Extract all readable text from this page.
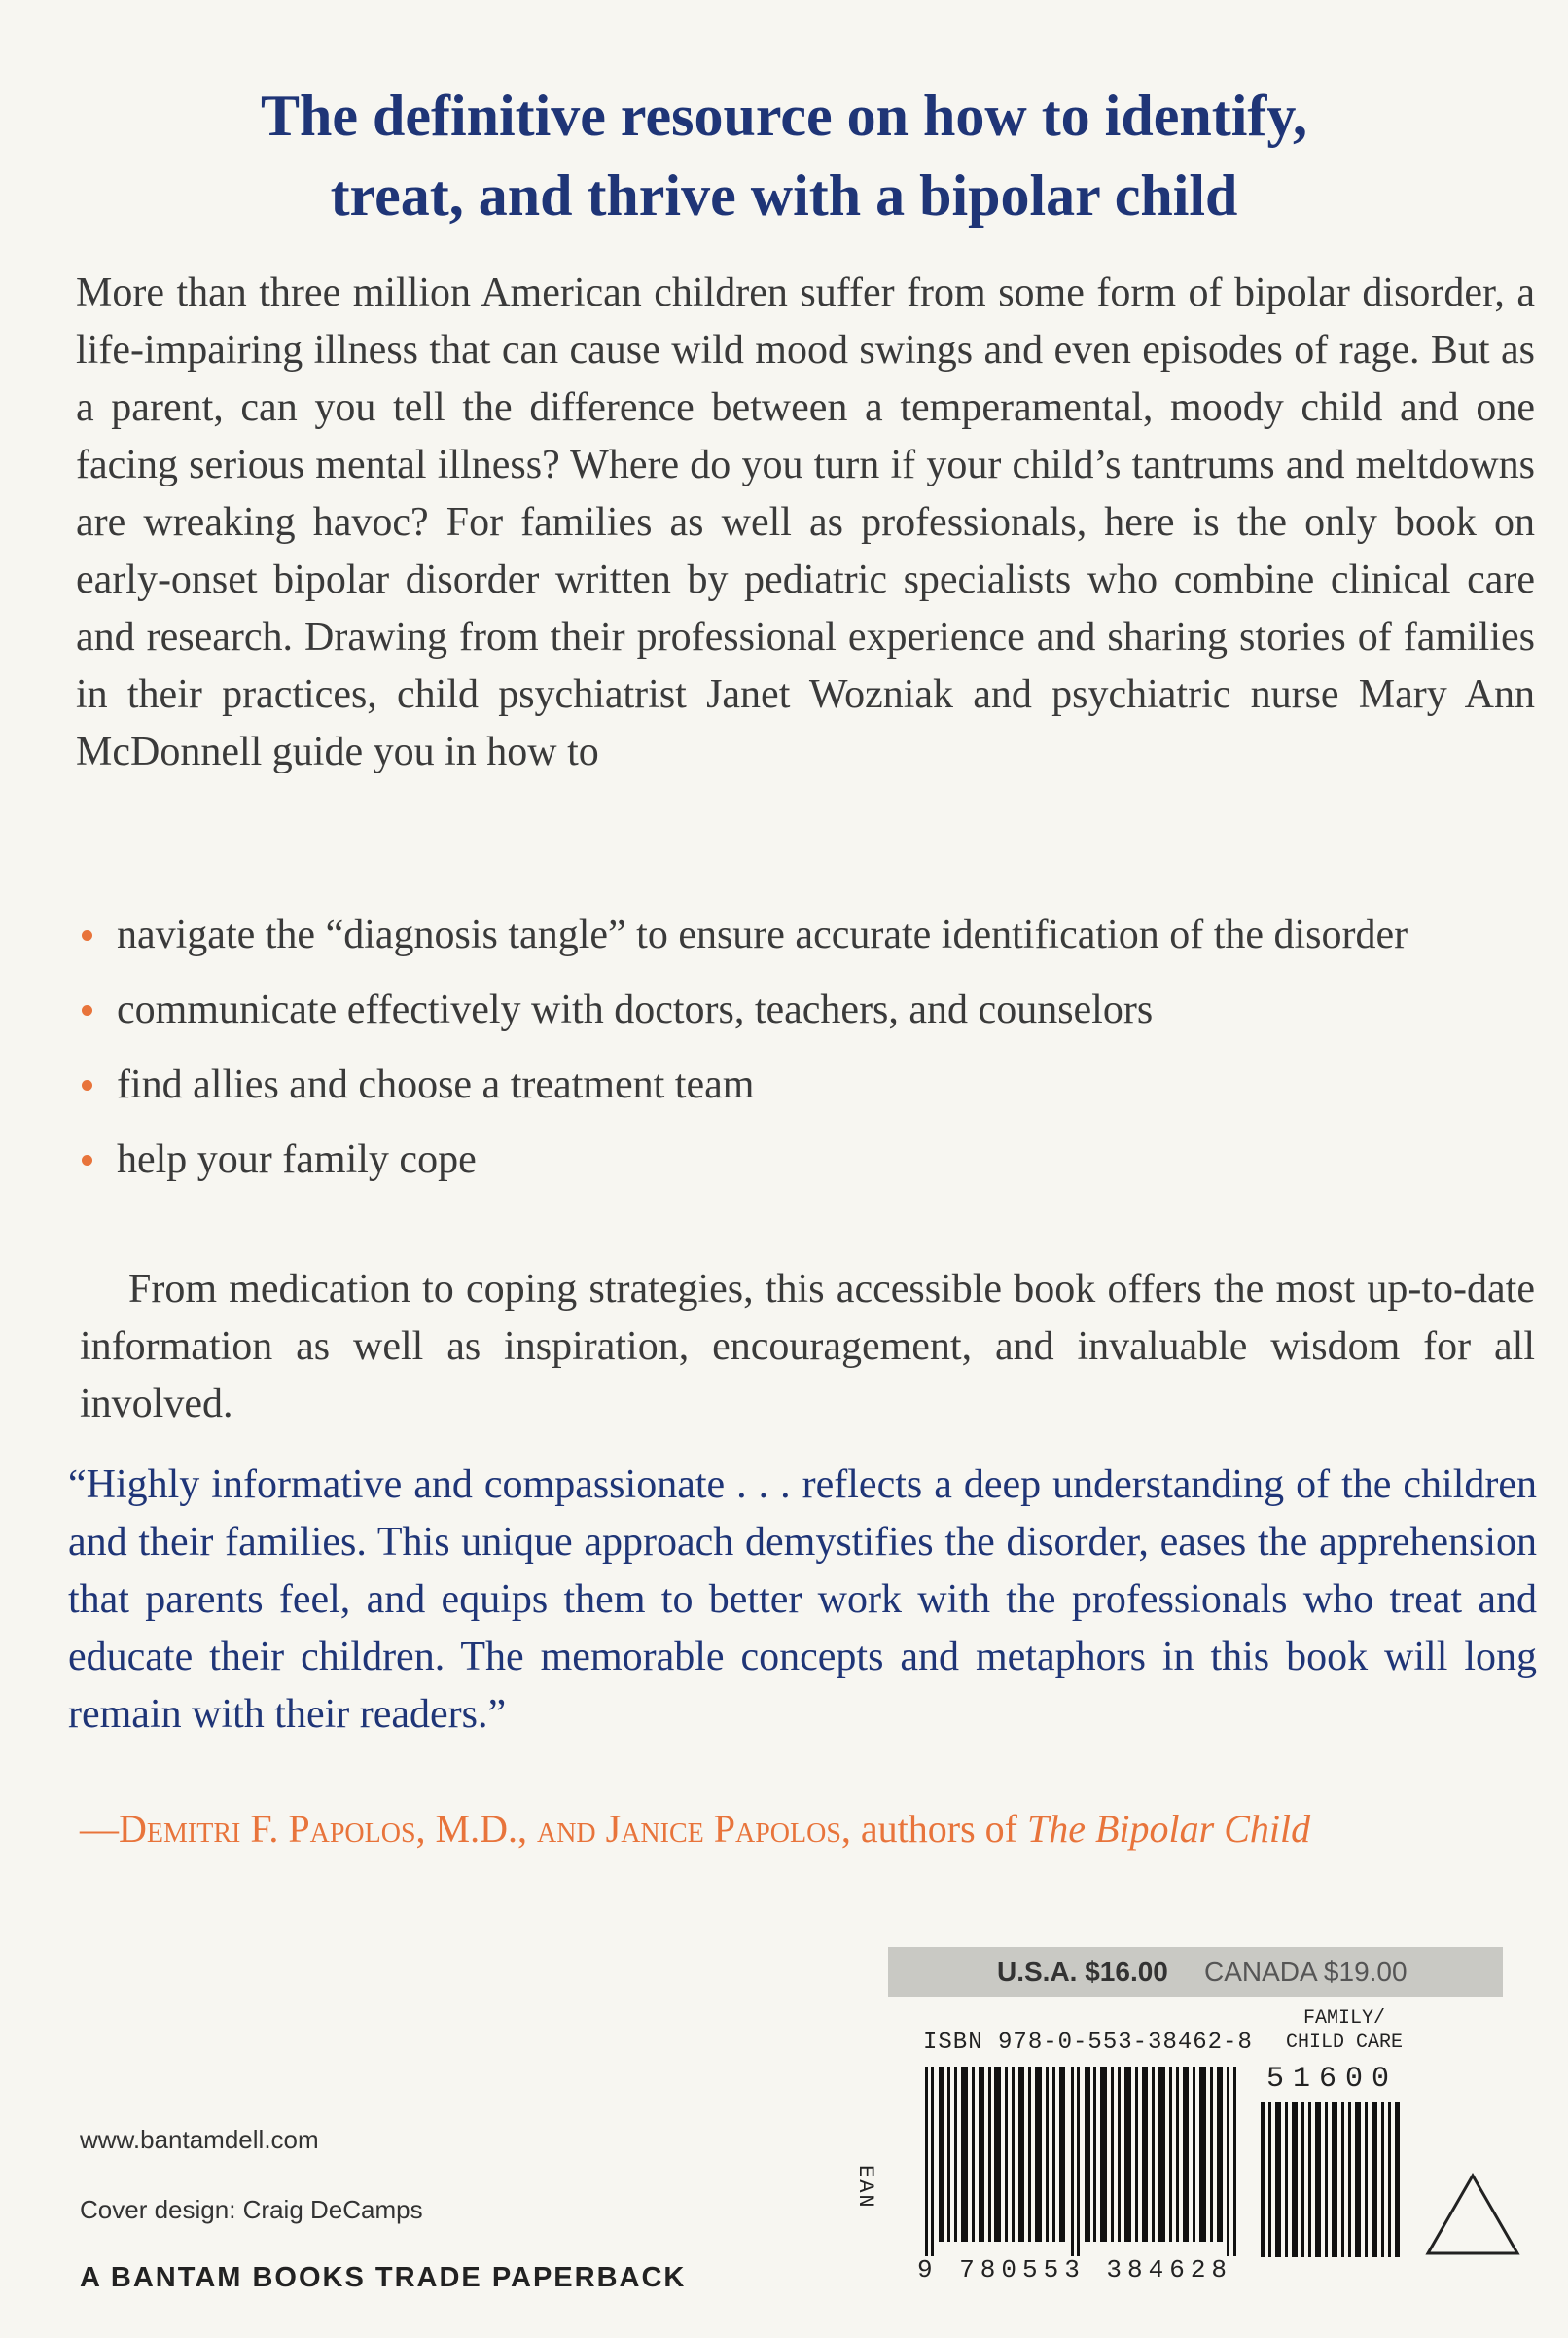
The definitive resource on how to identify,
treat, and thrive with a bipolar child
More than three million American children suffer from some form of bipolar disorder, a life-impairing illness that can cause wild mood swings and even episodes of rage. But as a parent, can you tell the difference between a temperamental, moody child and one facing serious mental illness? Where do you turn if your child’s tantrums and meltdowns are wreaking havoc? For families as well as professionals, here is the only book on early-onset bipolar disorder written by pediatric specialists who combine clinical care and research. Drawing from their professional experience and sharing stories of families in their practices, child psychiatrist Janet Wozniak and psychiatric nurse Mary Ann McDonnell guide you in how to
navigate the “diagnosis tangle” to ensure accurate identification of the disorder
communicate effectively with doctors, teachers, and counselors
find allies and choose a treatment team
help your family cope
From medication to coping strategies, this accessible book offers the most up-to-date information as well as inspiration, encouragement, and invaluable wisdom for all involved.
“Highly informative and compassionate . . . reflects a deep understanding of the children and their families. This unique approach demystifies the disorder, eases the apprehension that parents feel, and equips them to better work with the professionals who treat and educate their children. The memorable concepts and metaphors in this book will long remain with their readers.”
—Demitri F. Papolos, M.D., and Janice Papolos, authors of The Bipolar Child
U.S.A. $16.00 CANADA $19.00
FAMILY/
CHILD CARE
ISBN 978-0-553-38462-8
EAN
9 780553 384628
51600
www.bantamdell.com
Cover design: Craig DeCamps
A BANTAM BOOKS TRADE PAPERBACK
